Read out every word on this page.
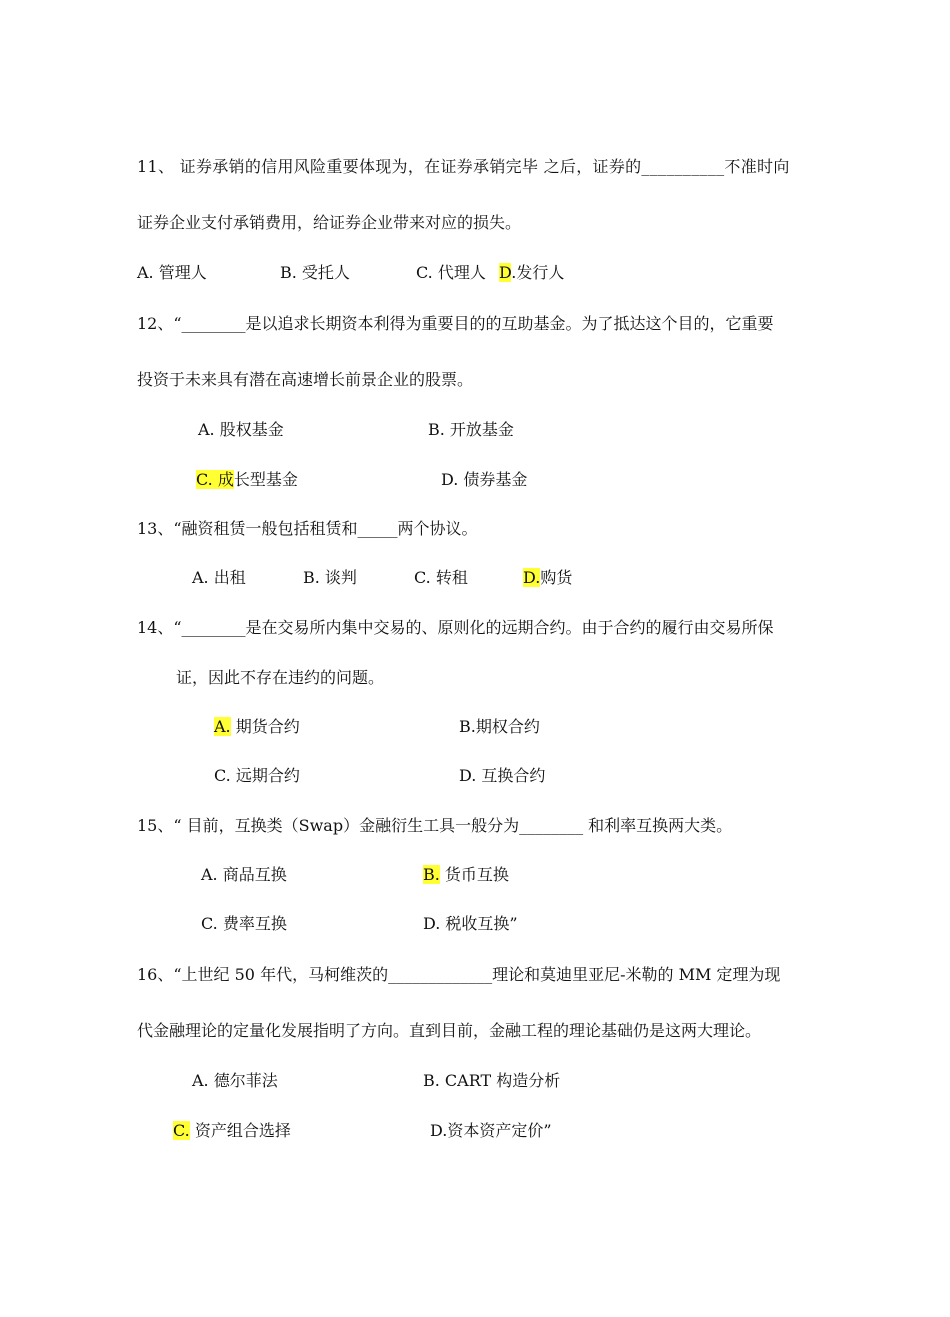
11、 证券承销的信用风险重要体现为，在证券承销完毕 之后，证券的__________不准时向
证券企业支付承销费用，给证券企业带来对应的损失。
A. 管理人	B. 受托人	C. 代理人 D.发行人
12、“________是以追求长期资本利得为重要目的的互助基金。为了抵达这个目的，它重要
投资于未来具有潜在高速增长前景企业的股票。
A. 股权基金	B. 开放基金
C. 成长型基金	D. 债券基金
13、“融资租赁一般包括租赁和_____两个协议。
A. 出租	B. 谈判	C. 转租	D.购货
14、“________是在交易所内集中交易的、原则化的远期合约。由于合约的履行由交易所保
证，因此不存在违约的问题。
A. 期货合约	B.期权合约
C. 远期合约	D. 互换合约
15、“ 目前，互换类（Swap）金融衍生工具一般分为________ 和利率互换两大类。
A. 商品互换	B. 货币互换
C. 费率互换	D. 税收互换”
16、“上世纪 50 年代，马柯维茨的_____________理论和莫迪里亚尼-米勒的 MM 定理为现
代金融理论的定量化发展指明了方向。直到目前，金融工程的理论基础仍是这两大理论。
A. 德尔菲法	B. CART 构造分析
C. 资产组合选择	D.资本资产定价”
